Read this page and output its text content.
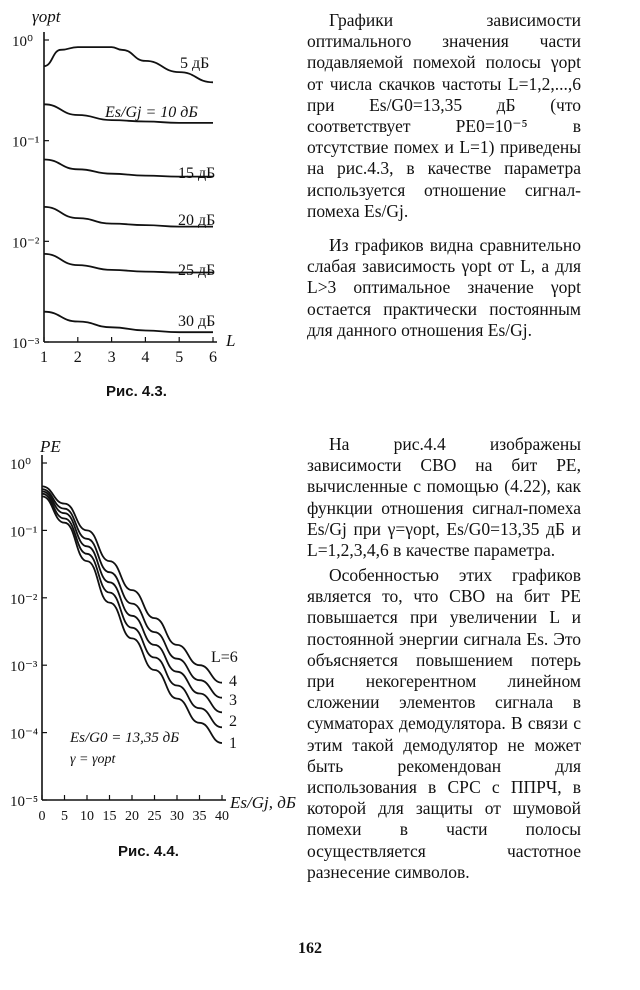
10⁰
10⁻¹
10⁻²
10⁻³
1 2 3 4 5 6
γopt
L
5 дБ
15 дБ
20 дБ
25 дБ
30 дБ
Es/Gj = 10 дБ
Рис. 4.3.
10⁰
10⁻¹
10⁻²
10⁻³
10⁻⁴
10⁻⁵
0 5 10 15 20 25 30 35 40
PE
Es/Gj, дБ
1
2
3
4
L=6
Es/G0 = 13,35 дБ
γ = γopt
Рис. 4.4.

Графики зависимости оптимального значения части подавляемой помехой полосы γopt от числа скачков частоты L=1,2,...,6 при Es/G0=13,35 дБ (что соответствует PE0=10⁻⁵ в отсутствие помех и L=1) приведены на рис.4.3, в качестве параметра используется отношение сигнал-помеха Es/Gj.

Из графиков видна сравнительно слабая зависимость γopt от L, а для L>3 оптимальное значение γopt остается практически постоянным для данного отношения Es/Gj.

На рис.4.4 изображены зависимости СВО на бит PE, вычисленные с помощью (4.22), как функции отношения сигнал-помеха Es/Gj при γ=γopt, Es/G0=13,35 дБ и L=1,2,3,4,6 в качестве параметра.

Особенностью этих графиков является то, что СВО на бит PE повышается при увеличении L и постоянной энергии сигнала Es. Это объясняется повышением потерь при некогерентном линейном сложении элементов сигнала в сумматорах демодулятора. В связи с этим такой демодулятор не может быть рекомендован для использования в СРС с ППРЧ, в которой для защиты от шумовой помехи в части полосы осуществляется частотное разнесение символов.

162
